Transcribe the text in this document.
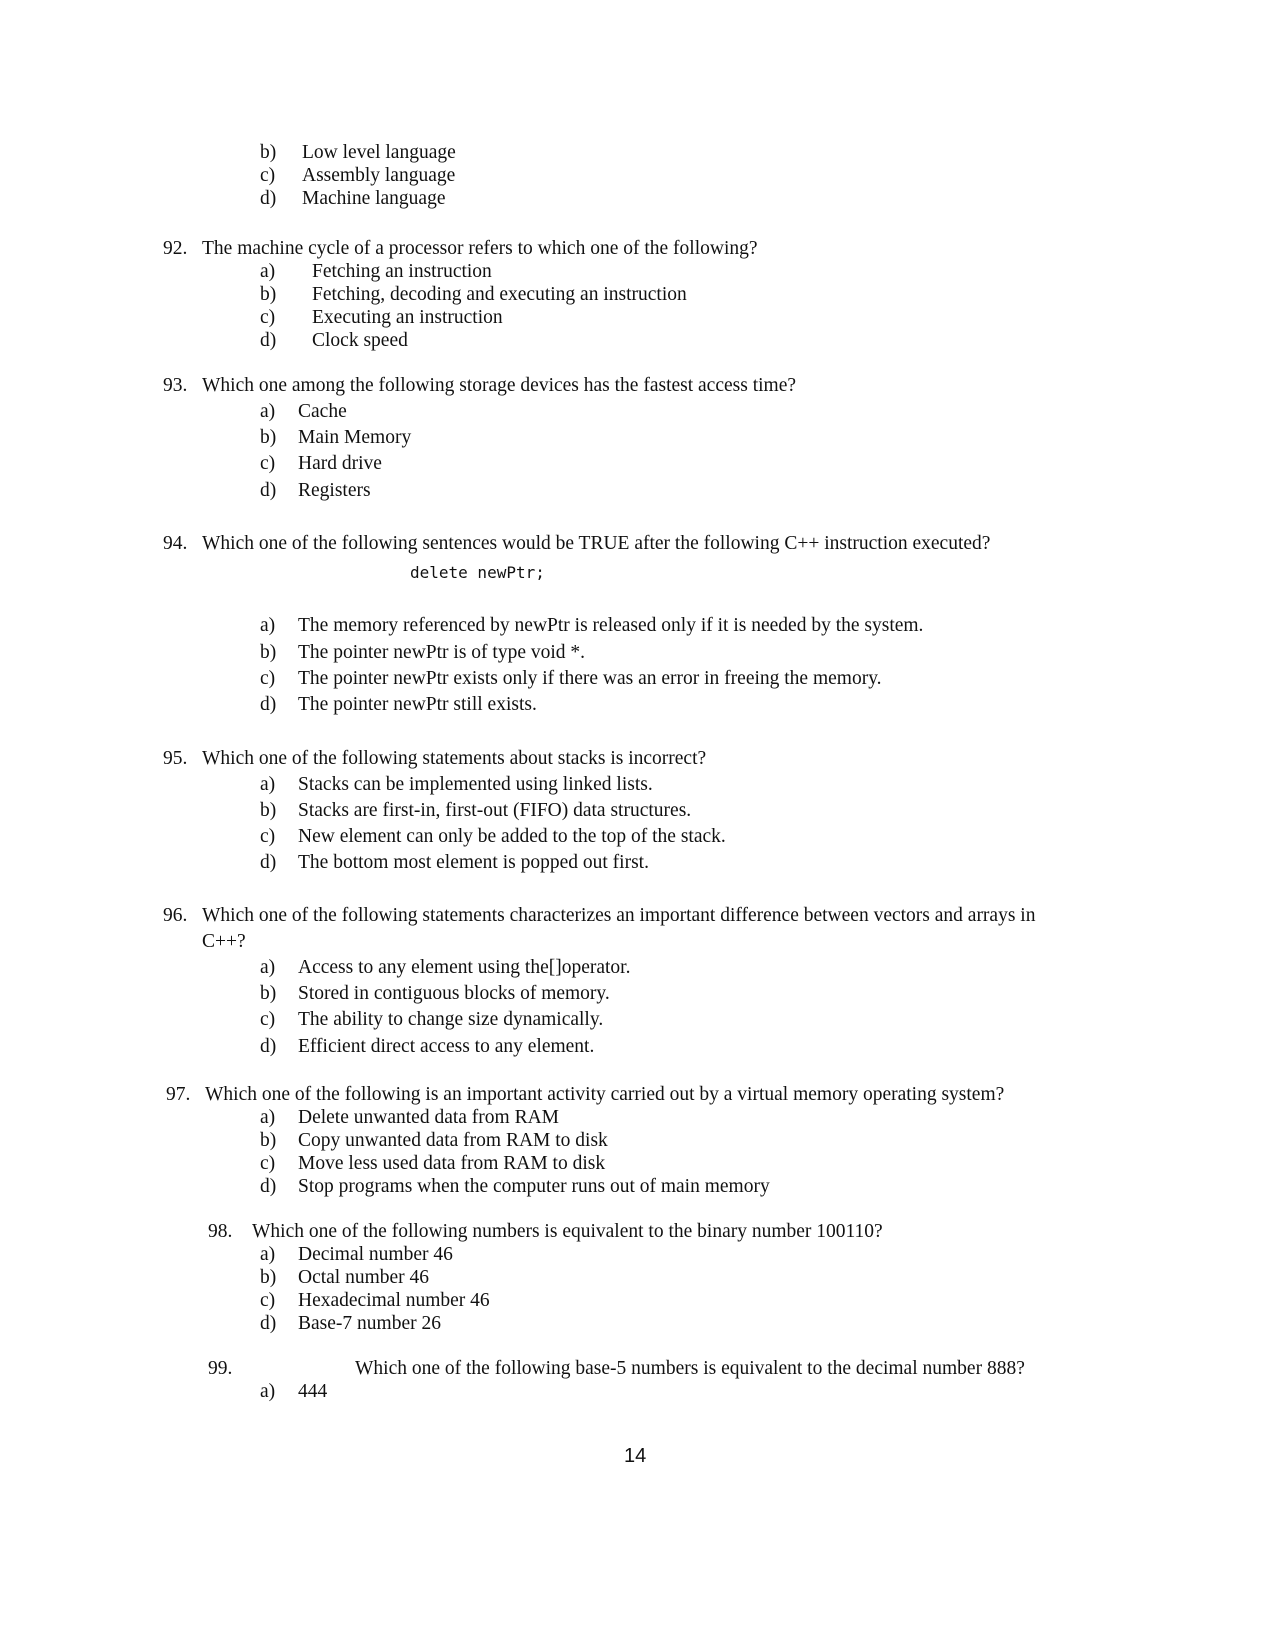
b) Low level language
c) Assembly language
d) Machine language
92. The machine cycle of a processor refers to which one of the following?
a) Fetching an instruction
b) Fetching, decoding and executing an instruction
c) Executing an instruction
d) Clock speed
93. Which one among the following storage devices has the fastest access time?
a) Cache
b) Main Memory
c) Hard drive
d) Registers
94. Which one of the following sentences would be TRUE after the following C++ instruction executed?
delete newPtr;
a) The memory referenced by newPtr is released only if it is needed by the system.
b) The pointer newPtr is of type void *.
c) The pointer newPtr exists only if there was an error in freeing the memory.
d) The pointer newPtr still exists.
95. Which one of the following statements about stacks is incorrect?
a) Stacks can be implemented using linked lists.
b) Stacks are first-in, first-out (FIFO) data structures.
c) New element can only be added to the top of the stack.
d) The bottom most element is popped out first.
96. Which one of the following statements characterizes an important difference between vectors and arrays in
C++?
a) Access to any element using the[]operator.
b) Stored in contiguous blocks of memory.
c) The ability to change size dynamically.
d) Efficient direct access to any element.
97. Which one of the following is an important activity carried out by a virtual memory operating system?
a) Delete unwanted data from RAM
b) Copy unwanted data from RAM to disk
c) Move less used data from RAM to disk
d) Stop programs when the computer runs out of main memory
98. Which one of the following numbers is equivalent to the binary number 100110?
a) Decimal number 46
b) Octal number 46
c) Hexadecimal number 46
d) Base-7 number 26
99.	Which one of the following base-5 numbers is equivalent to the decimal number 888?
a) 444
14
